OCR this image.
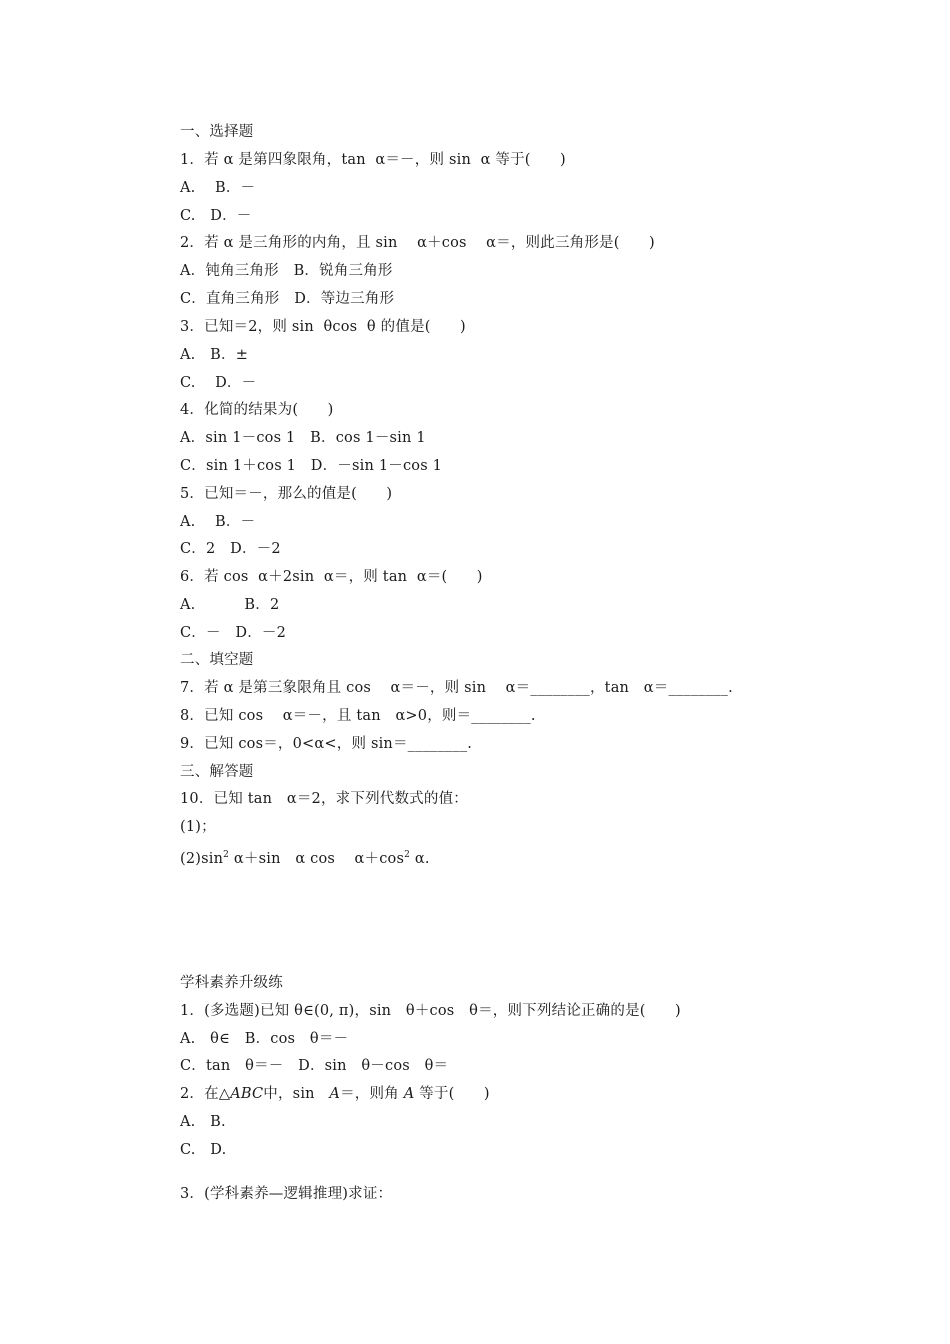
一、选择题
1．若 α 是第四象限角，tan  α＝－，则 sin  α 等于(　　)
A.　 B．－
C.　D．－
2．若 α 是三角形的内角，且 sin　 α＋cos　 α＝，则此三角形是(　　)
A．钝角三角形　B．锐角三角形
C．直角三角形　D．等边三角形
3．已知＝2，则 sin  θcos  θ 的值是(　　)
A.　B．±
C.　 D．－
4．化简的结果为(　　)
A．sin 1－cos 1　B．cos 1－sin 1
C．sin 1＋cos 1　D．－sin 1－cos 1
5．已知＝－，那么的值是(　　)
A.　 B．－
C．2　D．－2
6．若 cos  α＋2sin  α＝，则 tan  α＝(　　)
A.　　　 B．2
C．－　D．－2
二、填空题
7．若 α 是第三象限角且 cos　 α＝－，则 sin　 α＝________，tan　α＝________.
8．已知 cos　 α＝－，且 tan　α>0，则＝________.
9．已知 cos＝，0<α<，则 sin＝________.
三、解答题
10．已知 tan　α＝2，求下列代数式的值：
(1)；
$(2)\sin^2$ α＋sin　α cos　 $\alpha+\cos^2$ α.
学科素养升级练
1．(多选题)已知 θ∈(0, π)，sin　θ＋cos　θ＝，则下列结论正确的是(　　)
A.　θ∈　B．cos　θ＝－
C．tan　θ＝－　D．sin　θ－cos　θ＝
2．在△ABC中，sin　A＝，则角 A 等于(　　)
A.　B.
C.　D.
3．(学科素养—逻辑推理)求证：
